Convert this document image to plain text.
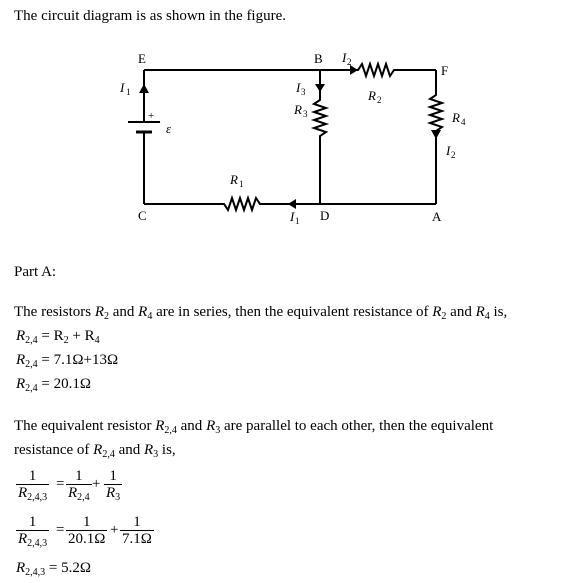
The circuit diagram is as shown in the figure.
E	B
F
C	D	A
I 1
+
ε
I 2
R 2
I 3
R 3	R 4
I 2
R 1
I 1
Part A:
The resistors $R_2$ and $R_4$ are in series, then the equivalent resistance of $R_2$ and $R_4$ is,
$R_{2,4} = R_2 + R_4$
$R_{2,4} = 7.1\Omega+13\Omega$
$R_{2,4} = 20.1\Omega$
The equivalent resistor $R_{2,4}$ and $R_3$ are parallel to each other, then the equivalent
resistance of $R_{2,4}$ and $R_3$ is,
1
$R_{2,4,3}$
= 1
$R_{2,4}$
+ 1
$R_3$
1
$R_{2,4,3}$
= 1
20.1Ω
+ 1
7.1Ω
$R_{2,4,3} = 5.2\Omega$
